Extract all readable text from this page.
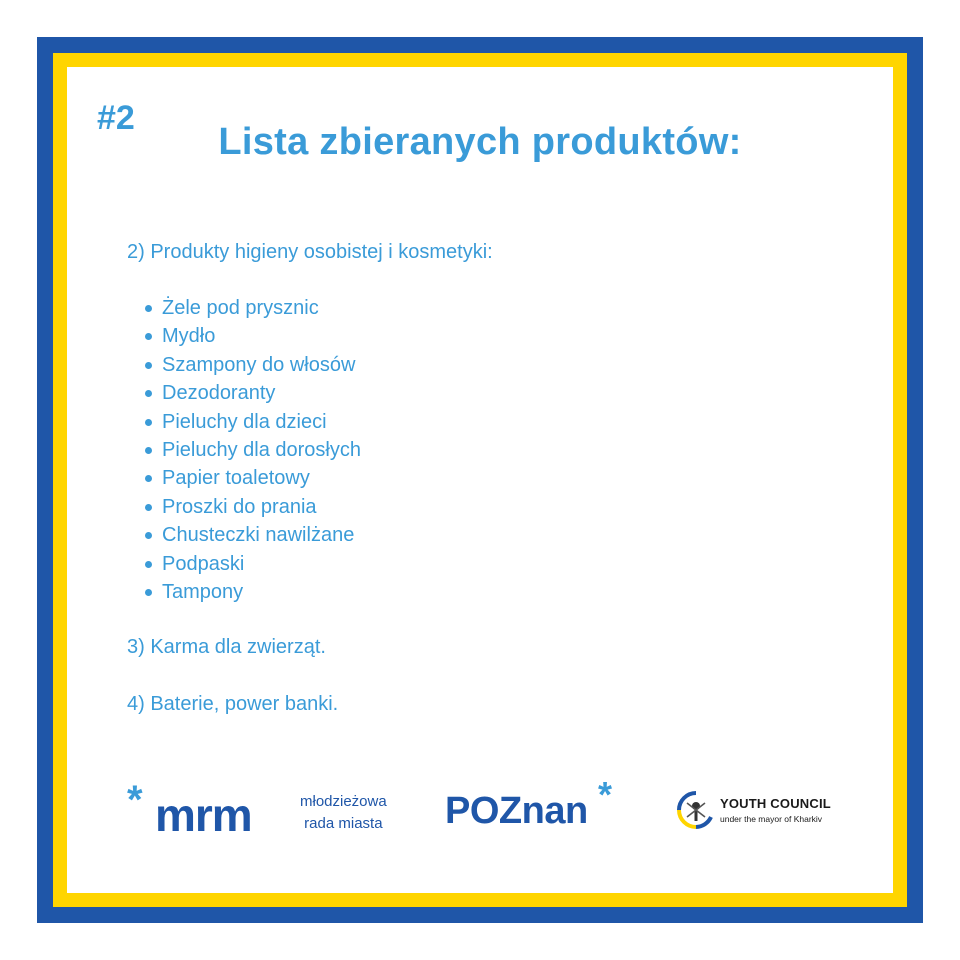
#2
Lista zbieranych produktów:
2) Produkty higieny osobistej i kosmetyki:
Żele pod prysznic
Mydło
Szampony do włosów
Dezodoranty
Pieluchy dla dzieci
Pieluchy dla dorosłych
Papier toaletowy
Proszki do prania
Chusteczki nawilżane
Podpaski
Tampony
3) Karma dla zwierząt.
4) Baterie, power banki.
* mrm	młodzieżowa
rada miasta POZnan *	YOUTH COUNCIL
under the mayor of Kharkiv
